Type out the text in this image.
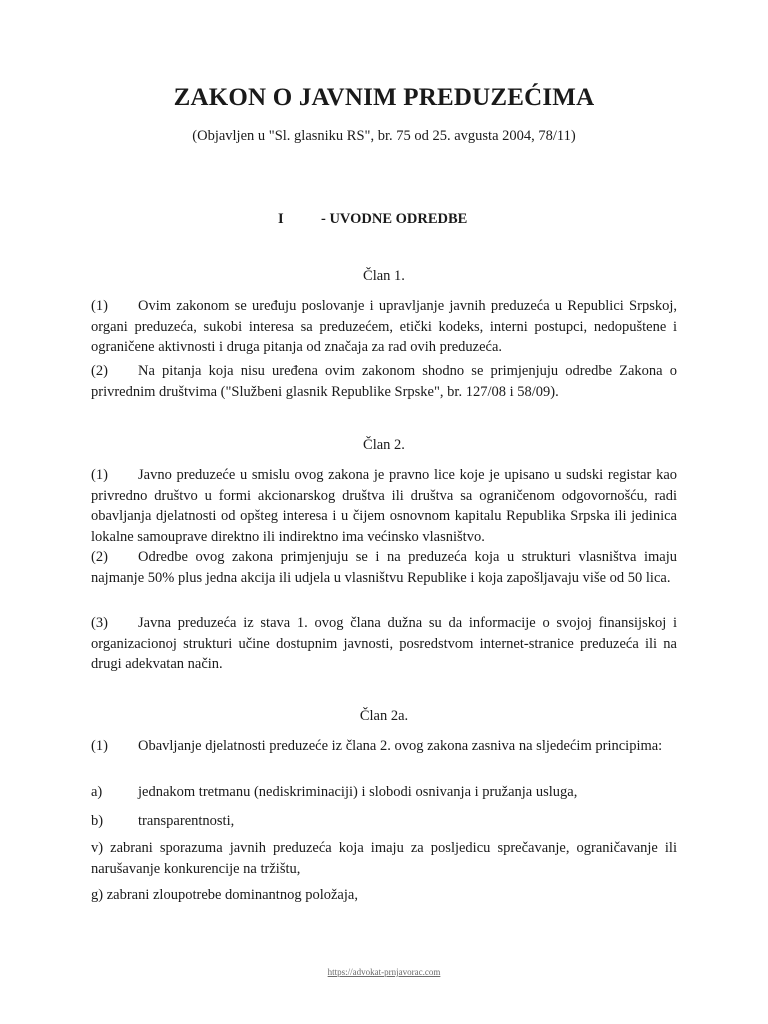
ZAKON O JAVNIM PREDUZEĆIMA

(Objavljen u "Sl. glasniku RS", br. 75 od 25. avgusta 2004, 78/11)

I	- UVODNE ODREDBE

Član 1.

(1) Ovim zakonom se uređuju poslovanje i upravljanje javnih preduzeća u Republici Srpskoj, organi preduzeća, sukobi interesa sa preduzećem, etički kodeks, interni postupci, nedopuštene i ograničene aktivnosti i druga pitanja od značaja za rad ovih preduzeća.

(2) Na pitanja koja nisu uređena ovim zakonom shodno se primjenjuju odredbe Zakona o privrednim društvima ("Službeni glasnik Republike Srpske", br. 127/08 i 58/09).

Član 2.

(1) Javno preduzeće u smislu ovog zakona je pravno lice koje je upisano u sudski registar kao privredno društvo u formi akcionarskog društva ili društva sa ograničenom odgovornošću, radi obavljanja djelatnosti od opšteg interesa i u čijem osnovnom kapitalu Republika Srpska ili jedinica lokalne samouprave direktno ili indirektno ima većinsko vlasništvo.

(2) Odredbe ovog zakona primjenjuju se i na preduzeća koja u strukturi vlasništva imaju najmanje 50% plus jedna akcija ili udjela u vlasništvu Republike i koja zapošljavaju više od 50 lica.

(3) Javna preduzeća iz stava 1. ovog člana dužna su da informacije o svojoj finansijskoj i organizacionoj strukturi učine dostupnim javnosti, posredstvom internet-stranice preduzeća ili na drugi adekvatan način.

Član 2a.

(1) Obavljanje djelatnosti preduzeće iz člana 2. ovog zakona zasniva na sljedećim principima:

a) jednakom tretmanu (nediskriminaciji) i slobodi osnivanja i pružanja usluga,

b) transparentnosti,

v) zabrani sporazuma javnih preduzeća koja imaju za posljedicu sprečavanje, ograničavanje ili narušavanje konkurencije na tržištu,

g) zabrani zloupotrebe dominantnog položaja,

https://advokat-prnjavorac.com
